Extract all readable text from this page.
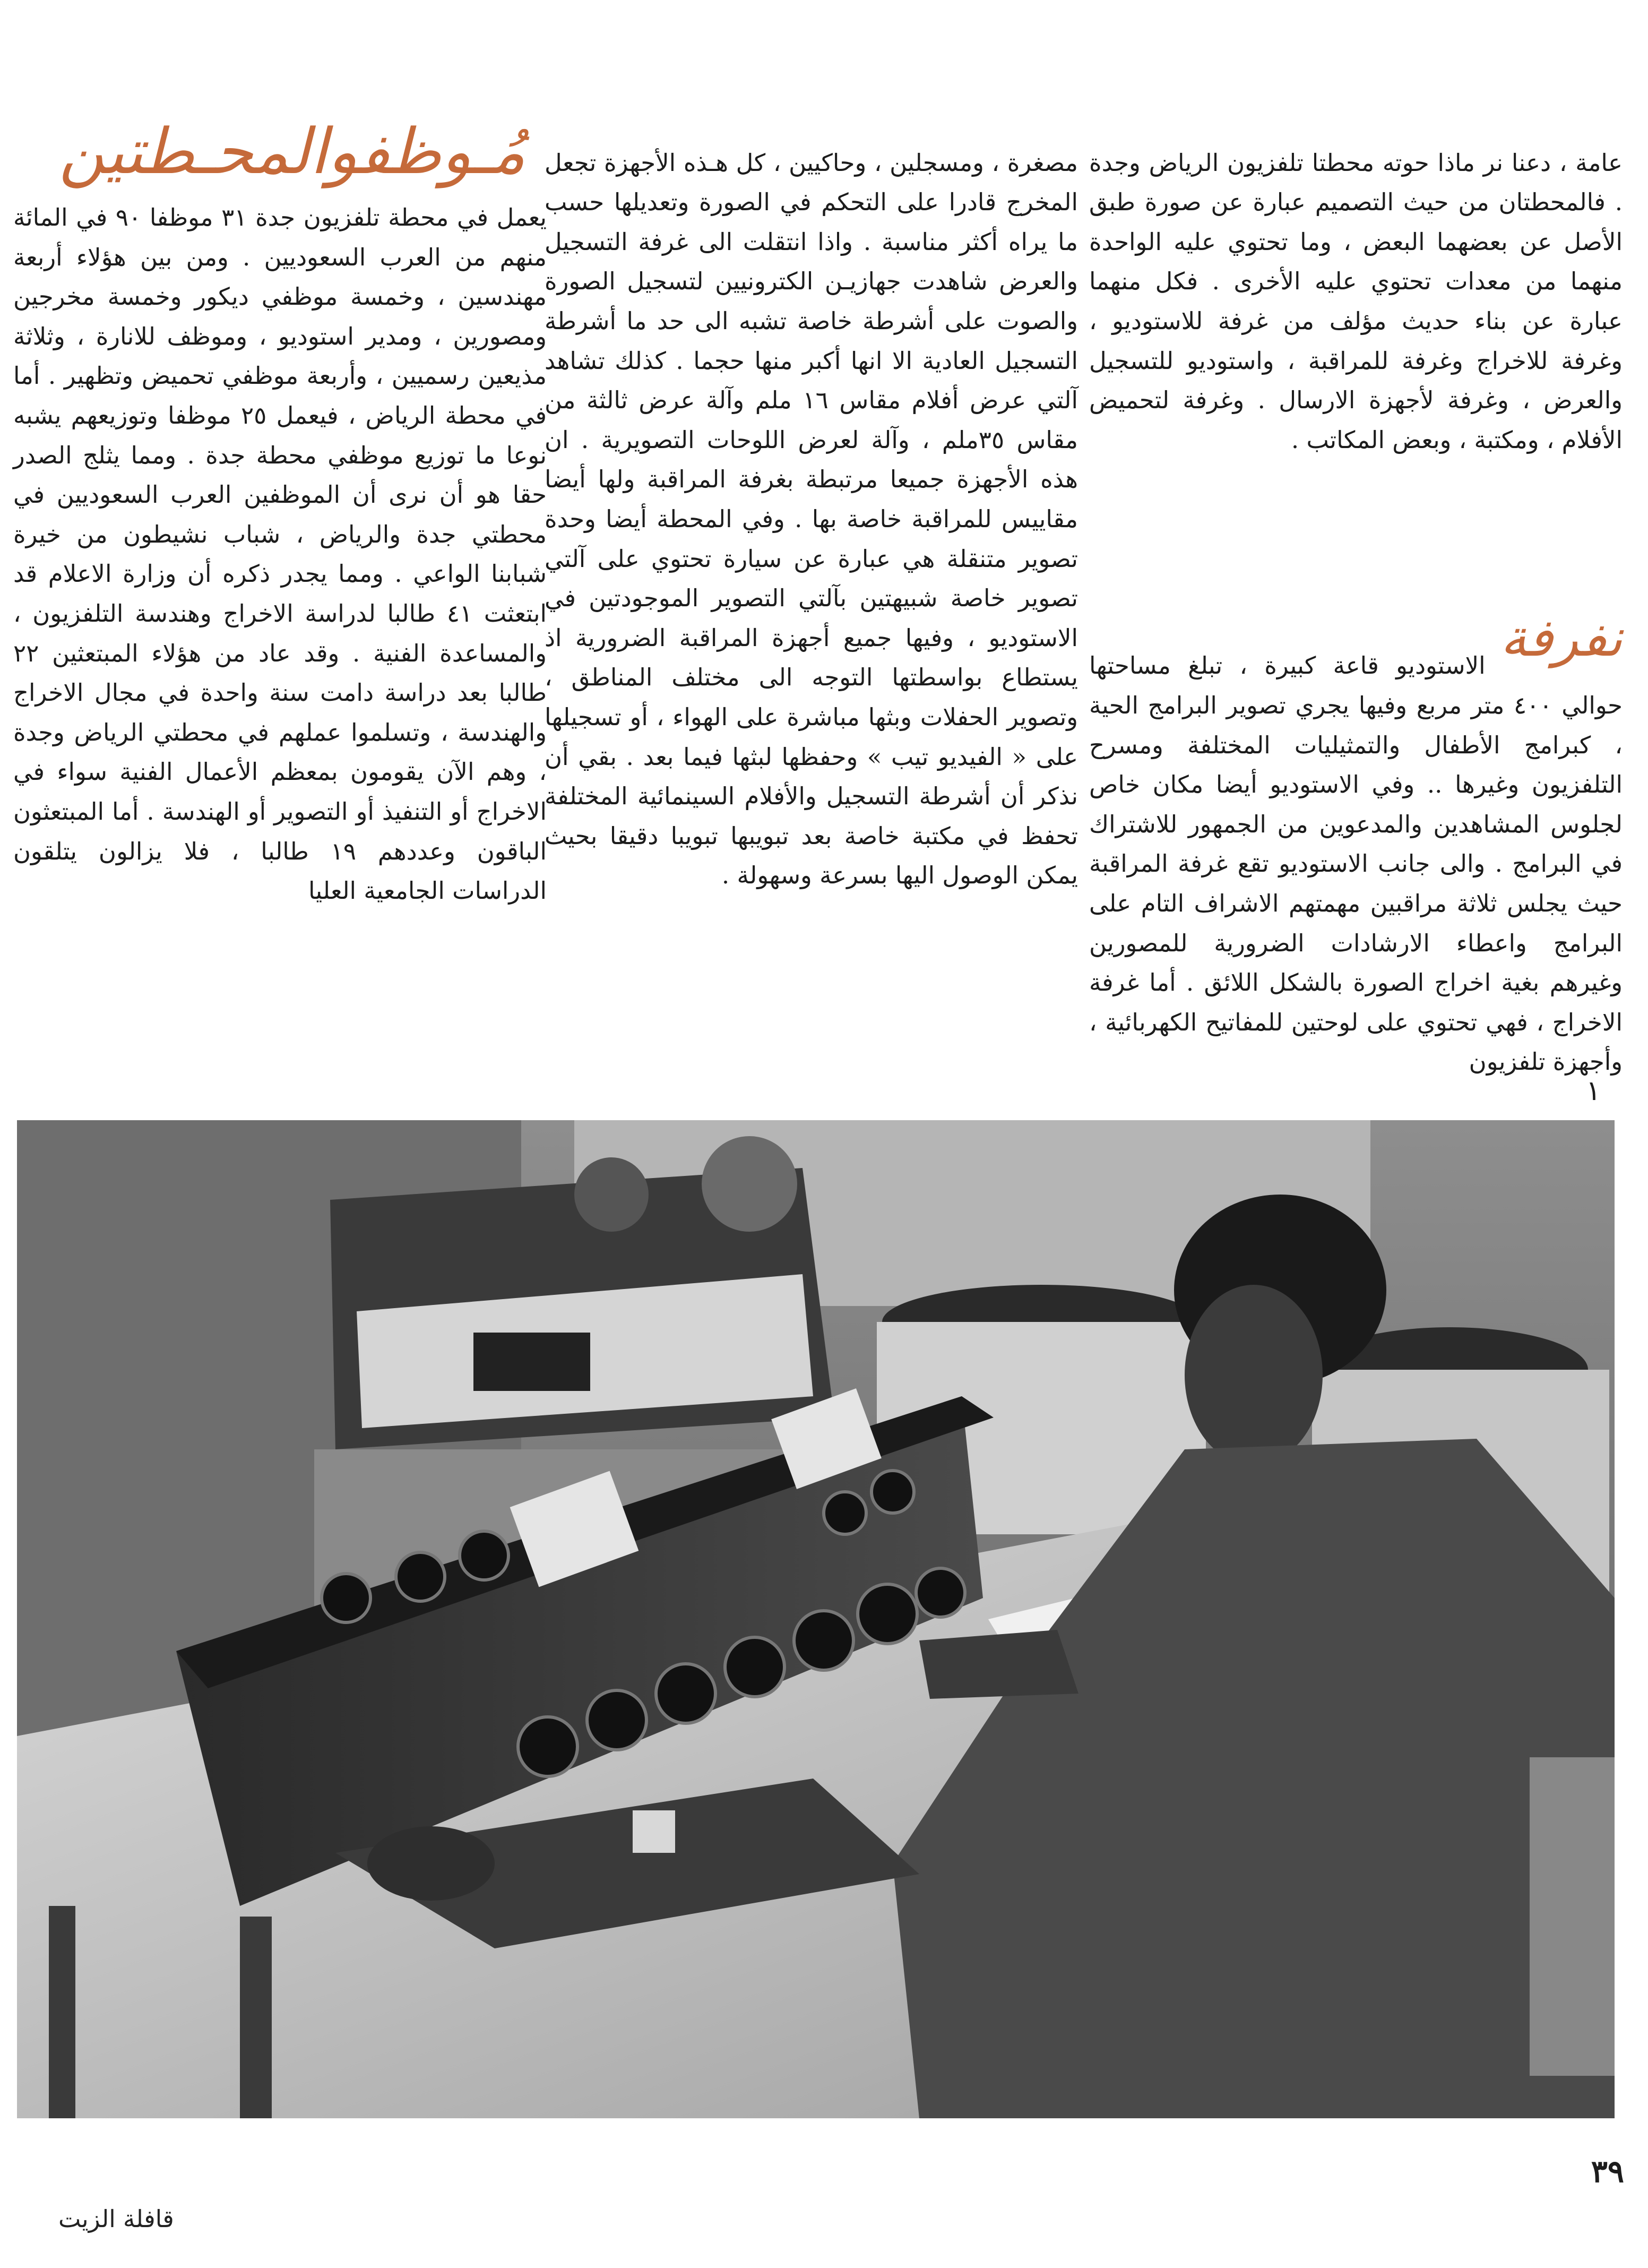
عامة ، دعنا نر ماذا حوته محطتا تلفزيون الرياض وجدة . فالمحطتان من حيث التصميم عبارة عن صورة طبق الأصل عن بعضهما البعض ، وما تحتوي عليه الواحدة منهما من معدات تحتوي عليه الأخرى . فكل منهما عبارة عن بناء حديث مؤلف من غرفة للاستوديو ، وغرفة للاخراج وغرفة للمراقبة ، واستوديو للتسجيل والعرض ، وغرفة لأجهزة الارسال . وغرفة لتحميض الأفلام ، ومكتبة ، وبعض المكاتب .

نفرفة

الاستوديو قاعة كبيرة ، تبلغ مساحتها حوالي ٤٠٠ متر مربع وفيها يجري تصوير البرامج الحية ، كبرامج الأطفال والتمثيليات المختلفة ومسرح التلفزيون وغيرها .. وفي الاستوديو أيضا مكان خاص لجلوس المشاهدين والمدعوين من الجمهور للاشتراك في البرامج . والى جانب الاستوديو تقع غرفة المراقبة حيث يجلس ثلاثة مراقبين مهمتهم الاشراف التام على البرامج واعطاء الارشادات الضرورية للمصورين وغيرهم بغية اخراج الصورة بالشكل اللائق . أما غرفة الاخراج ، فهي تحتوي على لوحتين للمفاتيح الكهربائية ، وأجهزة تلفزيون

مصغرة ، ومسجلين ، وحاكيين ، كل هـذه الأجهزة تجعل المخرج قادرا على التحكم في الصورة وتعديلها حسب ما يراه أكثر مناسبة . واذا انتقلت الى غرفة التسجيل والعرض شاهدت جهازيـن الكترونيين لتسجيل الصورة والصوت على أشرطة خاصة تشبه الى حد ما أشرطة التسجيل العادية الا انها أكبر منها حجما . كذلك تشاهد آلتي عرض أفلام مقاس ١٦ ملم وآلة عرض ثالثة من مقاس ٣٥ملم ، وآلة لعرض اللوحات التصويرية . ان هذه الأجهزة جميعا مرتبطة بغرفة المراقبة ولها أيضا مقاييس للمراقبة خاصة بها . وفي المحطة أيضا وحدة تصوير متنقلة هي عبارة عن سيارة تحتوي على آلتي تصوير خاصة شبيهتين بآلتي التصوير الموجودتين في الاستوديو ، وفيها جميع أجهزة المراقبة الضرورية اذ يستطاع بواسطتها التوجه الى مختلف المناطق ، وتصوير الحفلات وبثها مباشرة على الهواء ، أو تسجيلها على « الفيديو تيب » وحفظها لبثها فيما بعد . بقي أن نذكر أن أشرطة التسجيل والأفلام السينمائية المختلفة تحفظ في مكتبة خاصة بعد تبويبها تبويبا دقيقا بحيث يمكن الوصول اليها بسرعة وسهولة .

مُـوظفوالمحـطتين
يعمل في محطة تلفزيون جدة ٣١ موظفا ٩٠ في المائة منهم من العرب السعوديين . ومن بين هؤلاء أربعة مهندسين ، وخمسة موظفي ديكور وخمسة مخرجين ومصورين ، ومدير استوديو ، وموظف للانارة ، وثلاثة مذيعين رسميين ، وأربعة موظفي تحميض وتظهير . أما في محطة الرياض ، فيعمل ٢٥ موظفا وتوزيعهم يشبه نوعا ما توزيع موظفي محطة جدة . ومما يثلج الصدر حقا هو أن نرى أن الموظفين العرب السعوديين في محطتي جدة والرياض ، شباب نشيطون من خيرة شبابنا الواعي . ومما يجدر ذكره أن وزارة الاعلام قد ابتعثت ٤١ طالبا لدراسة الاخراج وهندسة التلفزيون ، والمساعدة الفنية . وقد عاد من هؤلاء المبتعثين ٢٢ طالبا بعد دراسة دامت سنة واحدة في مجال الاخراج والهندسة ، وتسلموا عملهم في محطتي الرياض وجدة ، وهم الآن يقومون بمعظم الأعمال الفنية سواء في الاخراج أو التنفيذ أو التصوير أو الهندسة . أما المبتعثون الباقون وعددهم ١٩ طالبا ، فلا يزالون يتلقون الدراسات الجامعية العليا
١
٣٩
قافلة الزيت
